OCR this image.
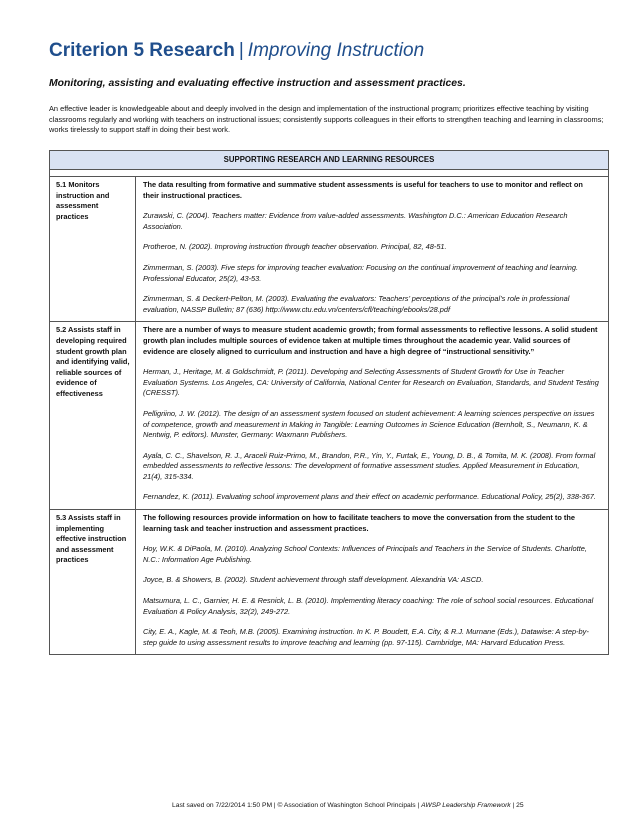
Criterion 5 Research | Improving Instruction
Monitoring, assisting and evaluating effective instruction and assessment practices.
An effective leader is knowledgeable about and deeply involved in the design and implementation of the instructional program; prioritizes effective teaching by visiting classrooms regularly and working with teachers on instructional issues; consistently supports colleagues in their efforts to strengthen teaching and learning in classrooms; works tirelessly to support staff in doing their best work.
SUPPORTING RESEARCH AND LEARNING RESOURCES	

5.1 Monitors instruction and assessment practices	The data resulting from formative and summative student assessments is useful for teachers to use to monitor and reflect on their instructional practices.
Zurawski, C. (2004). Teachers matter: Evidence from value-added assessments. Washington D.C.: American Education Research Association.
Protheroe, N. (2002). Improving instruction through teacher observation. Principal, 82, 48-51.
Zimmerman, S. (2003). Five steps for improving teacher evaluation: Focusing on the continual improvement of teaching and learning. Professional Educator, 25(2), 43-53.
Zimmerman, S. & Deckert-Pelton, M. (2003). Evaluating the evaluators: Teachers’ perceptions of the principal’s role in professional evaluation, NASSP Bulletin; 87 (636) http://www.ctu.edu.vn/centers/cfl/teaching/ebooks/28.pdf

5.2 Assists staff in developing required student growth plan and identifying valid, reliable sources of evidence of effectiveness	There are a number of ways to measure student academic growth; from formal assessments to reflective lessons. A solid student growth plan includes multiple sources of evidence taken at multiple times throughout the academic year. Valid sources of evidence are closely aligned to curriculum and instruction and have a high degree of “instructional sensitivity.”
Herman, J., Heritage, M. & Goldschmidt, P. (2011). Developing and Selecting Assessments of Student Growth for Use in Teacher Evaluation Systems. Los Angeles, CA: University of California, National Center for Research on Evaluation, Standards, and Student Testing (CRESST).
Pelligriino, J. W. (2012). The design of an assessment system focused on student achievement: A learning sciences perspective on issues of competence, growth and measurement in Making in Tangible: Learning Outcomes in Science Education (Bernholt, S., Neumann, K. & Nentwig, P. editors). Munster, Germany: Waxmann Publishers.
Ayala, C. C., Shavelson, R. J., Araceli Ruiz-Primo, M., Brandon, P.R., Yin, Y., Furtak, E., Young, D. B., & Tomita, M. K. (2008). From formal embedded assessments to reflective lessons: The development of formative assessment studies. Applied Measurement in Education, 21(4), 315-334.
Fernandez, K. (2011). Evaluating school improvement plans and their effect on academic performance. Educational Policy, 25(2), 338-367.

5.3 Assists staff in implementing effective instruction and assessment practices	The following resources provide information on how to facilitate teachers to move the conversation from the student to the learning task and teacher instruction and assessment practices.
Hoy, W.K. & DiPaola, M. (2010). Analyzing School Contexts: Influences of Principals and Teachers in the Service of Students. Charlotte, N.C.: Information Age Publishing.
Joyce, B. & Showers, B. (2002). Student achievement through staff development. Alexandria VA: ASCD.
Matsumura, L. C., Garnier, H. E. & Resnick, L. B. (2010). Implementing literacy coaching: The role of school social resources. Educational Evaluation & Policy Analysis, 32(2), 249-272.
City, E. A., Kagle, M. & Teoh, M.B. (2005). Examining instruction. In K. P. Boudett, E.A. City, & R.J. Murnane (Eds.), Datawise: A step-by-step guide to using assessment results to improve teaching and learning (pp. 97-115). Cambridge, MA: Harvard Education Press.
Last saved on 7/22/2014 1:50 PM | © Association of Washington School Principals | AWSP Leadership Framework | 25
